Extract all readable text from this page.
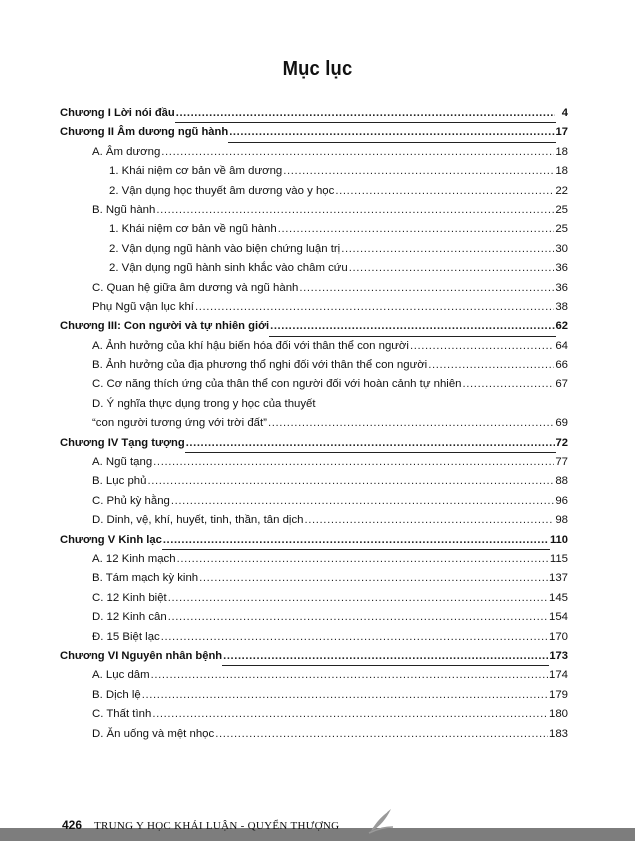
Mục lục
Chương I Lời nói đầu .....	4
Chương II Âm dương ngũ hành .....	17
A. Âm dương .....	18
1. Khái niệm cơ bản về âm dương .....	18
2. Vận dụng học thuyết âm dương vào y học .....	22
B. Ngũ hành .....	25
1. Khái niệm cơ bản về ngũ hành .....	25
2. Vận dụng ngũ hành vào biện chứng luận trị .....	30
2. Vận dụng ngũ hành sinh khắc vào châm cứu .....	36
C. Quan hệ giữa âm dương và ngũ hành .....	36
Phụ Ngũ vận lục khí .....	38
Chương III: Con người và tự nhiên giới .....	62
A. Ảnh hưởng của khí hậu biến hóa đối với thân thể con người .....	64
B. Ảnh hưởng của địa phương thổ nghi đối với thân thể con người .....	66
C. Cơ năng thích ứng của thân thể con người đối với hoàn cảnh tự nhiên .....	67
D. Ý nghĩa thực dụng trong y học của thuyết
“con người tương ứng với trời đất” .....	69
Chương IV Tạng tượng .....	72
A. Ngũ tạng .....	77
B. Lục phủ .....	88
C. Phủ kỳ hằng .....	96
D. Dinh, vệ, khí, huyết, tinh, thần, tân dịch .....	98
Chương V Kinh lạc .....	110
A. 12 Kinh mạch .....	115
B. Tám mạch kỳ kinh .....	137
C. 12 Kinh biệt .....	145
D. 12 Kinh cân .....	154
Đ. 15 Biệt lạc .....	170
Chương VI Nguyên nhân bệnh .....	173
A. Lục dâm .....	174
B. Dịch lệ .....	179
C. Thất tình .....	180
D. Ăn uống và mệt nhọc .....	183
426 TRUNG Y HỌC KHÁI LUẬN - QUYỂN THƯỢNG
